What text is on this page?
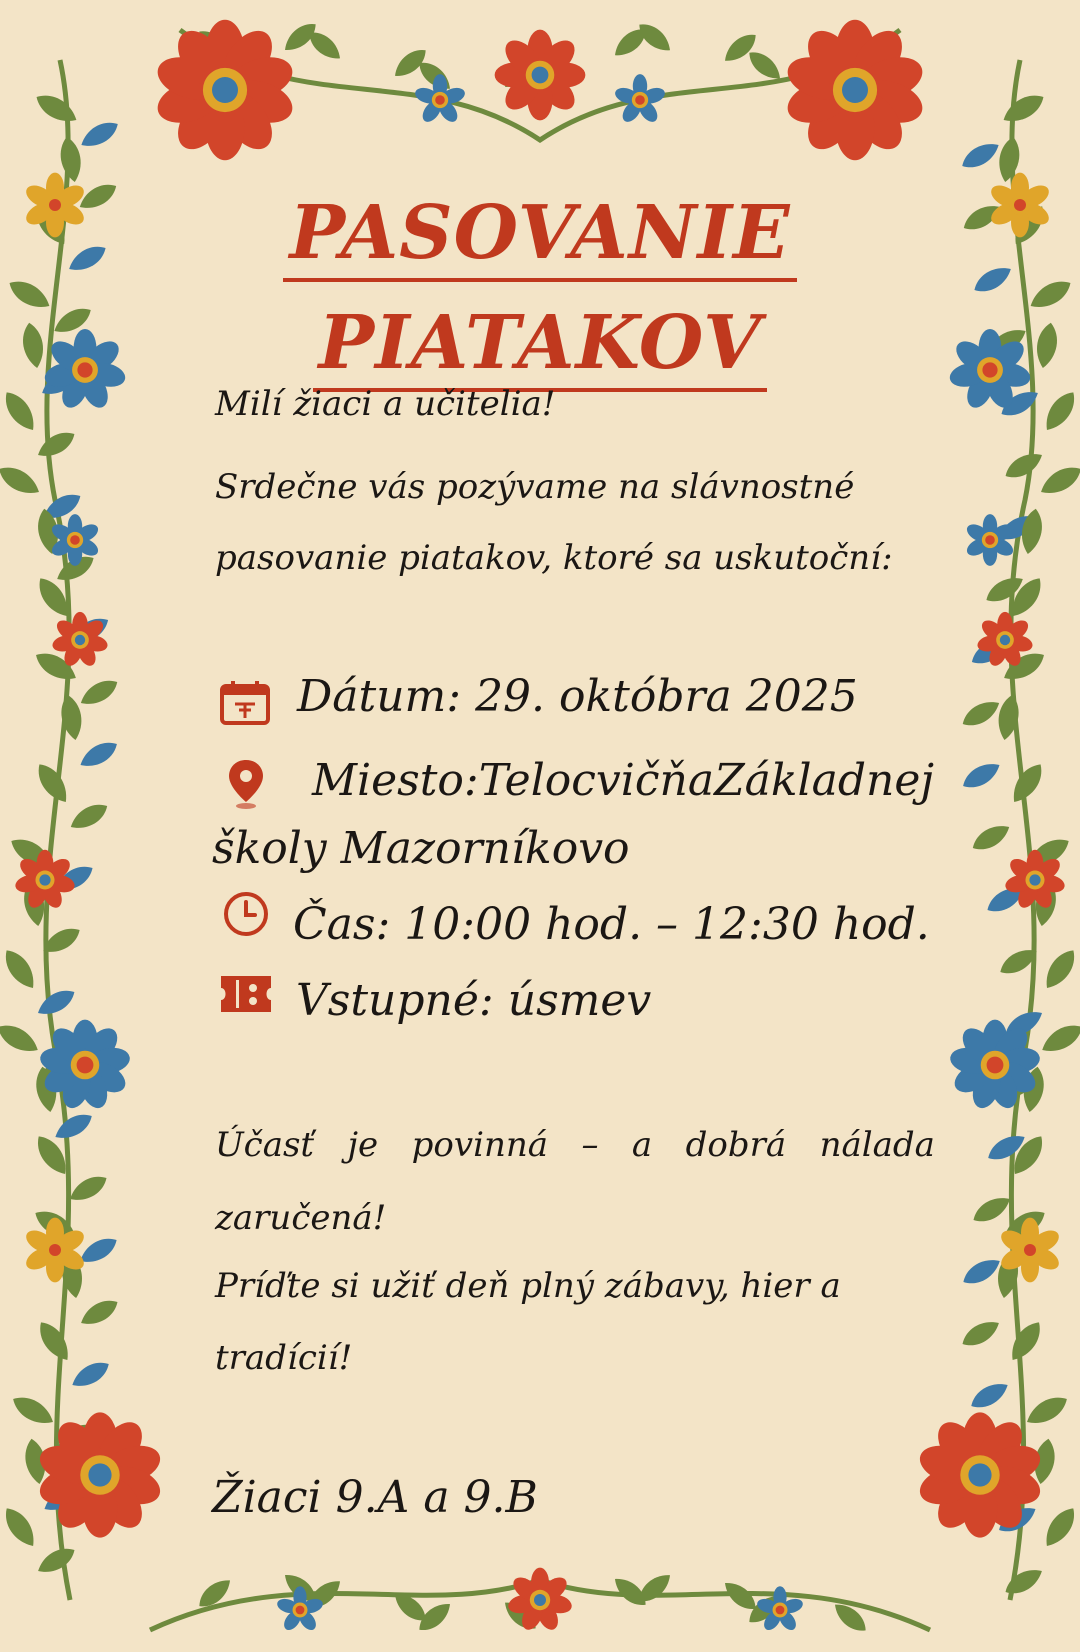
PASOVANIE
PIATAKOV
Milí žiaci a učitelia!
Srdečne vás pozývame na slávnostné
pasovanie piatakov, ktoré sa uskutoční:
Dátum: 29. októbra 2025
Miesto: Telocvičňa Základnej
školy Mazorníkovo
Čas: 10:00 hod. – 12:30 hod.
Vstupné: úsmev
Účasť je povinná – a dobrá nálada
zaručená!
Príďte si užiť deň plný zábavy, hier a
tradícií!
Žiaci 9.A a 9.B
